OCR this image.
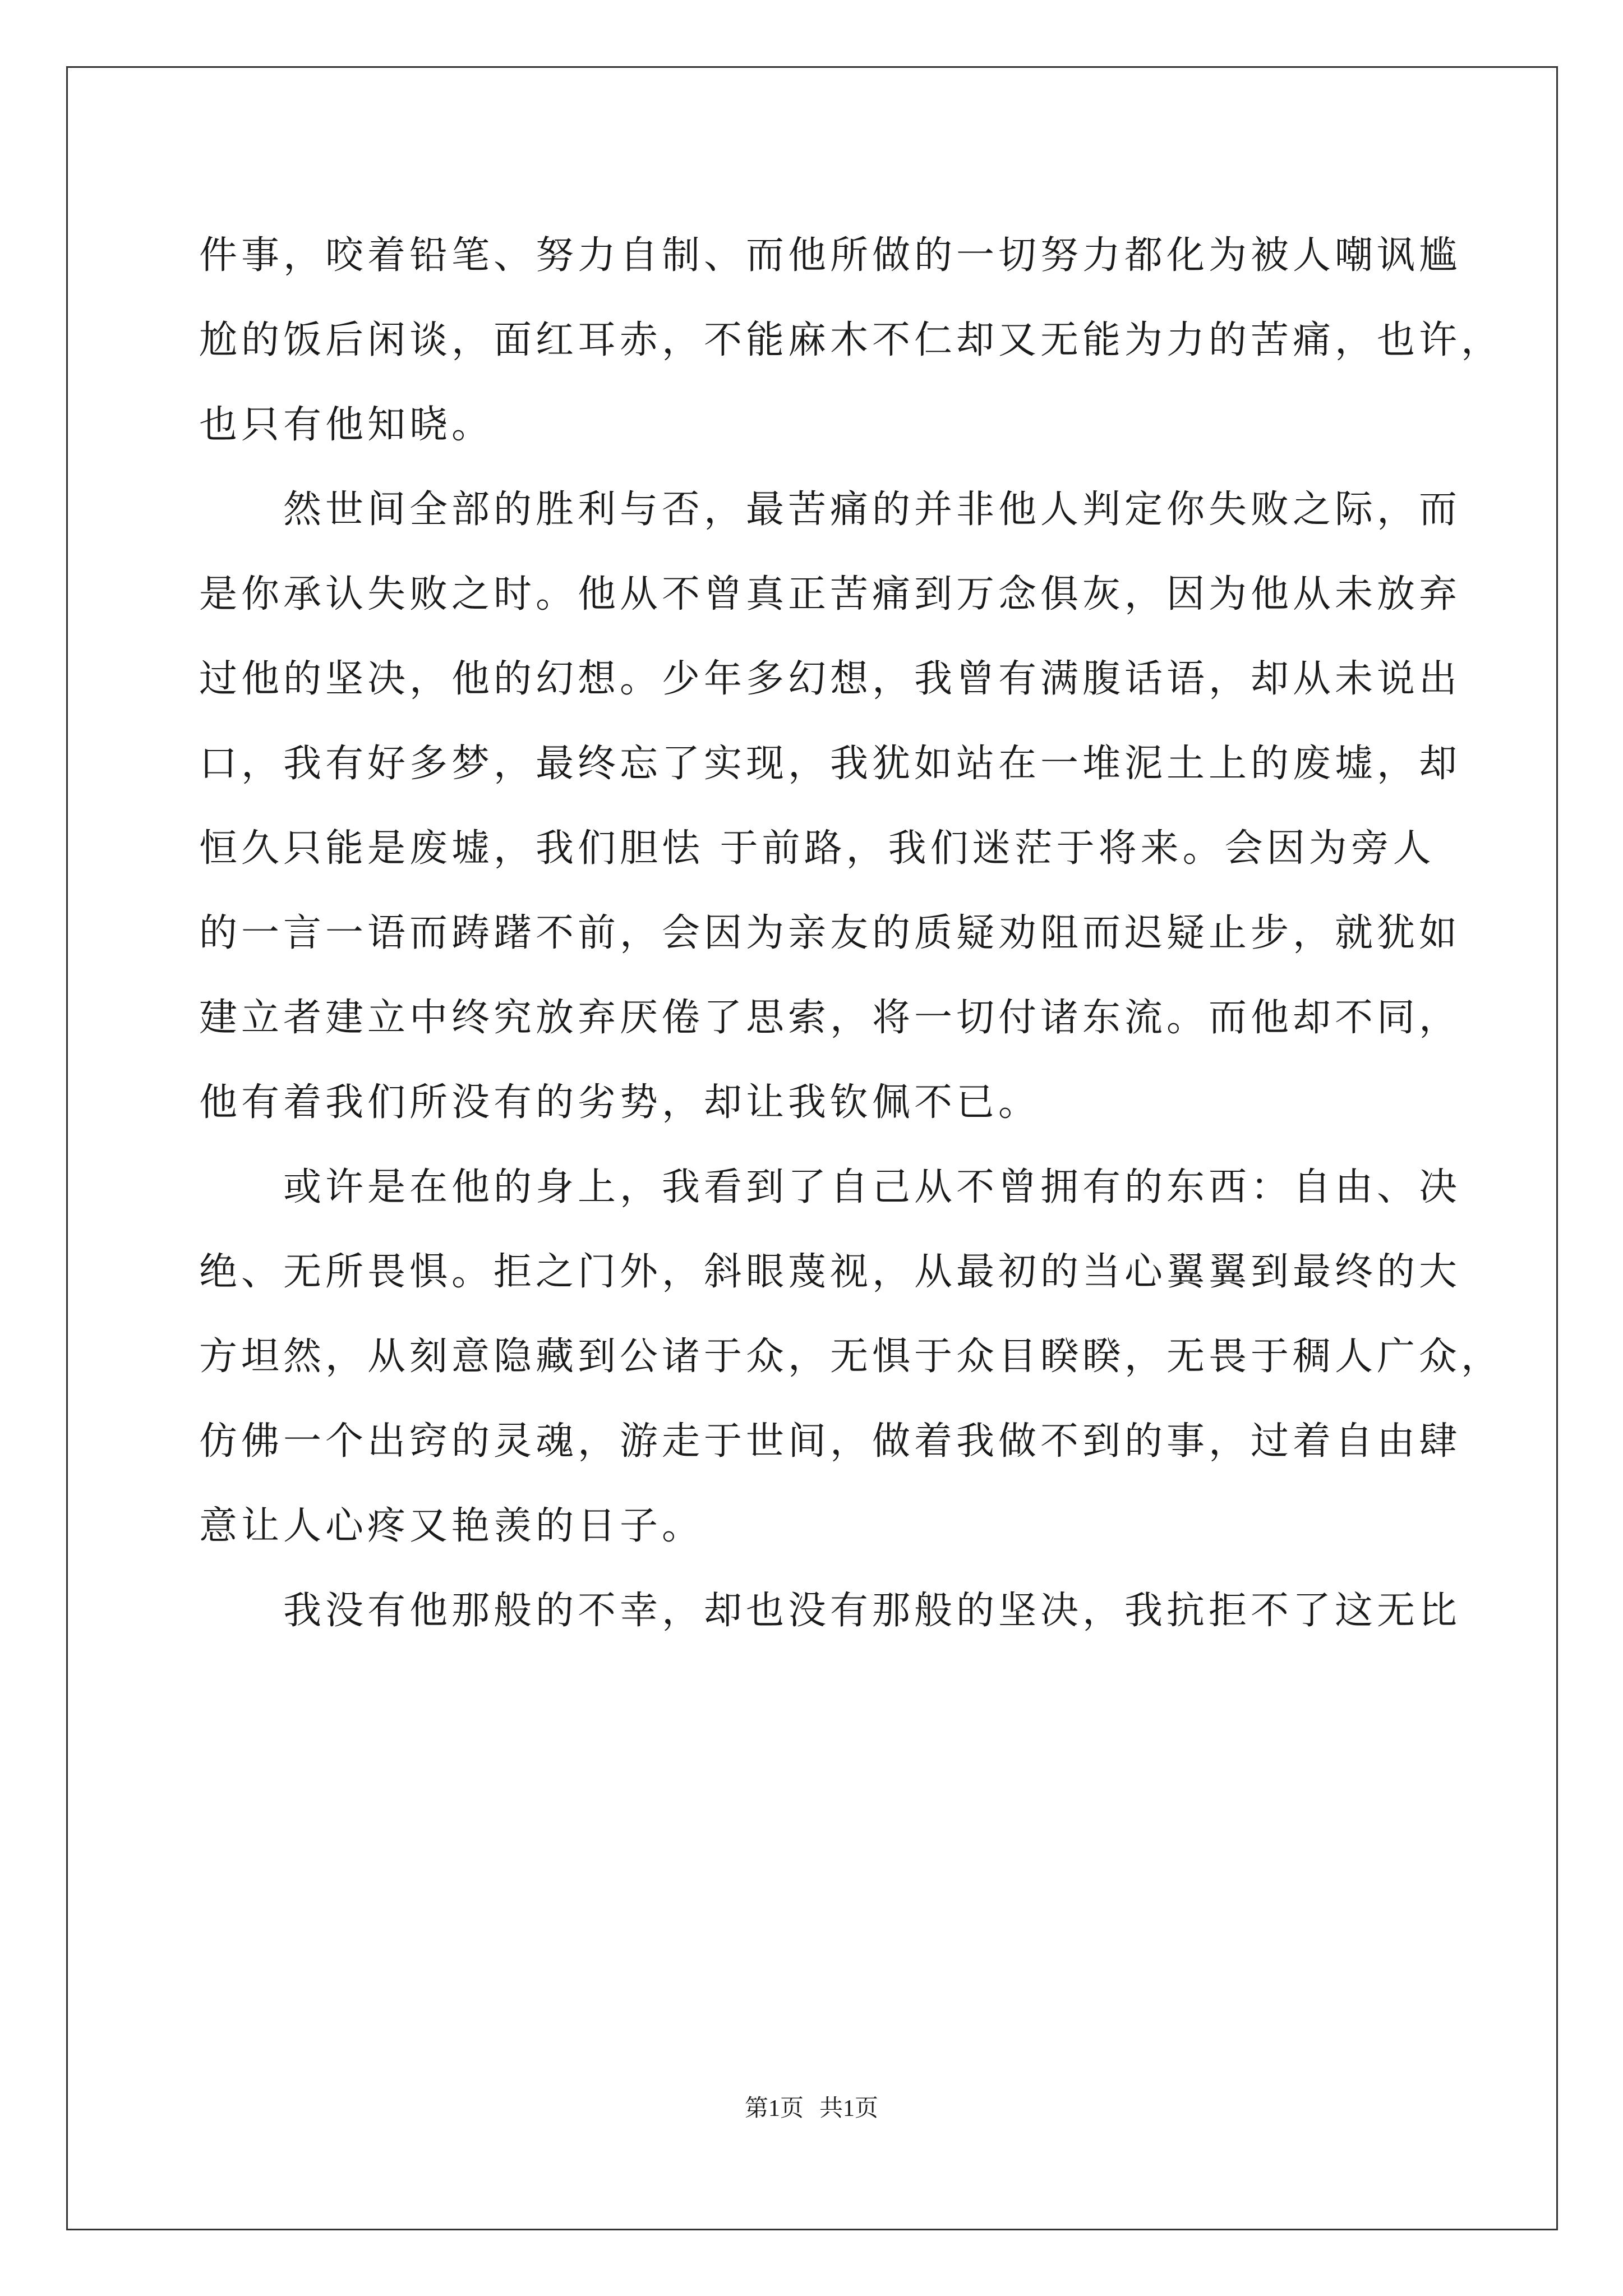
件事，咬着铅笔、努力自制、而他所做的一切努力都化为被人嘲讽尴
尬的饭后闲谈，面红耳赤，不能麻木不仁却又无能为力的苦痛，也许，
也只有他知晓。

　　然世间全部的胜利与否，最苦痛的并非他人判定你失败之际，而
是你承认失败之时。他从不曾真正苦痛到万念俱灰，因为他从未放弃
过他的坚决，他的幻想。少年多幻想，我曾有满腹话语，却从未说出
口，我有好多梦，最终忘了实现，我犹如站在一堆泥土上的废墟，却
恒久只能是废墟，我们胆怯 于前路，我们迷茫于将来。会因为旁人
的一言一语而踌躇不前，会因为亲友的质疑劝阻而迟疑止步，就犹如
建立者建立中终究放弃厌倦了思索，将一切付诸东流。而他却不同，
他有着我们所没有的劣势，却让我钦佩不已。

　　或许是在他的身上，我看到了自己从不曾拥有的东西：自由、决
绝、无所畏惧。拒之门外，斜眼蔑视，从最初的当心翼翼到最终的大
方坦然，从刻意隐藏到公诸于众，无惧于众目睽睽，无畏于稠人广众，
仿佛一个出窍的灵魂，游走于世间，做着我做不到的事，过着自由肆
意让人心疼又艳羡的日子。

　　我没有他那般的不幸，却也没有那般的坚决，我抗拒不了这无比

第1页 共1页
